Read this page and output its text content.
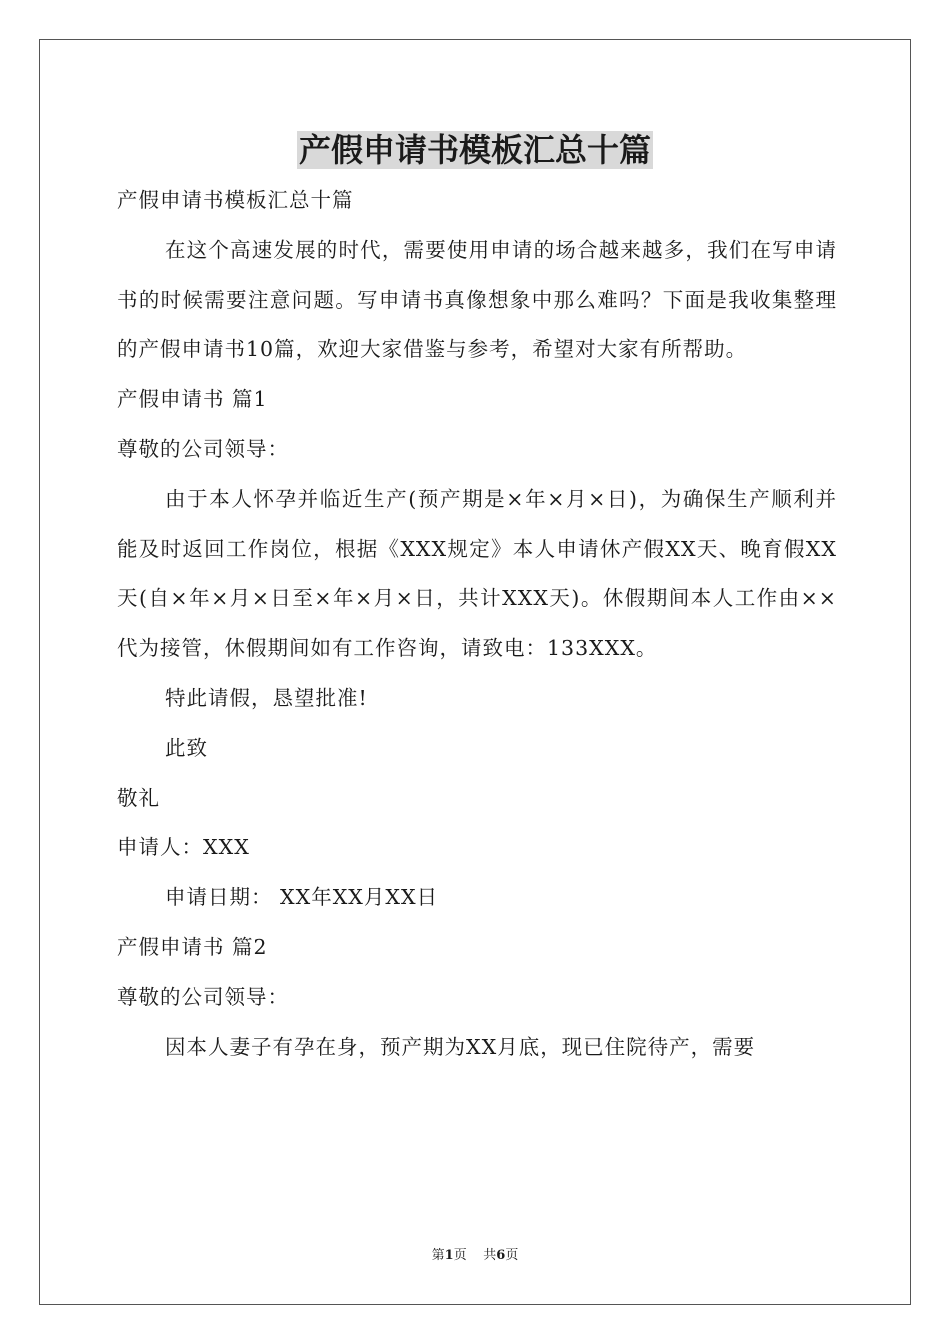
产假申请书模板汇总十篇

产假申请书模板汇总十篇

在这个高速发展的时代，需要使用申请的场合越来越多，我们在写申请书的时候需要注意问题。写申请书真像想象中那么难吗？下面是我收集整理的产假申请书10篇，欢迎大家借鉴与参考，希望对大家有所帮助。

产假申请书 篇1

尊敬的公司领导：

由于本人怀孕并临近生产(预产期是×年×月×日)，为确保生产顺利并能及时返回工作岗位，根据《XXX规定》本人申请休产假XX天、晚育假XX天(自×年×月×日至×年×月×日，共计XXX天)。休假期间本人工作由××代为接管，休假期间如有工作咨询，请致电：133XXX。

特此请假，恳望批准!

此致

敬礼

申请人：XXX

申请日期： XX年XX月XX日

产假申请书 篇2

尊敬的公司领导：

因本人妻子有孕在身，预产期为XX月底，现已住院待产，需要

第1页 共6页
